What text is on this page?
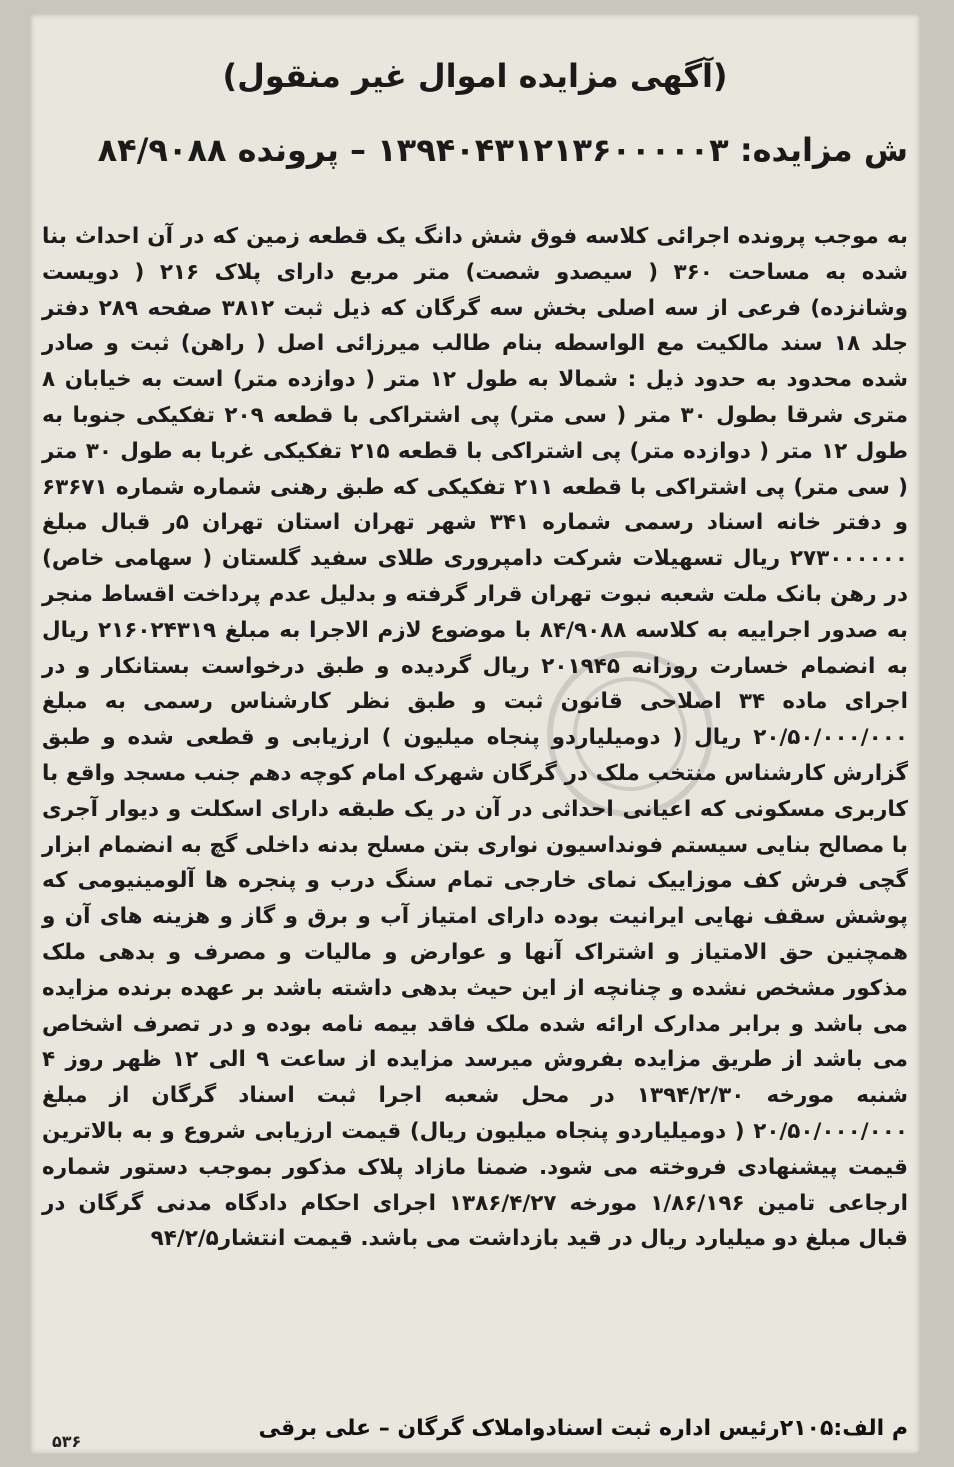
(آگهی مزایده اموال غیر منقول)
ش مزایده: ۱۳۹۴۰۴۳۱۲۱۳۶۰۰۰۰۰۳ – پرونده ۸۴/۹۰۸۸

به موجب پرونده اجرائی کلاسه فوق شش دانگ یک قطعه زمین که در آن احداث بنا شده به مساحت ۳۶۰ ( سیصدو شصت) متر مربع دارای پلاک ۲۱۶ ( دویست وشانزده) فرعی از سه اصلی بخش سه گرگان که ذیل ثبت ۳۸۱۲ صفحه ۲۸۹ دفتر جلد ۱۸ سند مالکیت مع الواسطه بنام طالب میرزائی اصل ( راهن) ثبت و صادر شده محدود به حدود ذیل : شمالا به طول ۱۲ متر ( دوازده متر) است به خیابان ۸ متری شرقا بطول ۳۰ متر ( سی متر) پی اشتراکی با قطعه ۲۰۹ تفکیکی جنوبا به طول ۱۲ متر ( دوازده متر) پی اشتراکی با قطعه ۲۱۵ تفکیکی غربا به طول ۳۰ متر ( سی متر) پی اشتراکی با قطعه ۲۱۱ تفکیکی که طبق رهنی شماره شماره ۶۳۶۷۱ و دفتر خانه اسناد رسمی شماره ۳۴۱ شهر تهران استان تهران ۵ر قبال مبلغ ۲۷۳۰۰۰۰۰۰ ریال تسهیلات شرکت دامپروری طلای سفید گلستان ( سهامی خاص) در رهن بانک ملت شعبه نبوت تهران قرار گرفته و بدلیل عدم پرداخت اقساط منجر به صدور اجراییه به کلاسه ۸۴/۹۰۸۸ با موضوع لازم الاجرا به مبلغ ۲۱۶۰۲۴۳۱۹ ریال به انضمام خسارت روزانه ۲۰۱۹۴۵ ریال گردیده و طبق درخواست بستانکار و در اجرای ماده ۳۴ اصلاحی قانون ثبت و طبق نظر کارشناس رسمی به مبلغ ۲۰/۵۰/۰۰۰/۰۰۰ ریال ( دومیلیاردو پنجاه میلیون ) ارزیابی و قطعی شده و طبق گزارش کارشناس منتخب ملک در گرگان شهرک امام کوچه دهم جنب مسجد واقع با کاربری مسکونی که اعیانی احداثی در آن در یک طبقه دارای اسکلت و دیوار آجری با مصالح بنایی سیستم فونداسیون نواری بتن مسلح بدنه داخلی گچ به انضمام ابزار گچی فرش کف موزاییک نمای خارجی تمام سنگ درب و پنجره ها آلومینیومی که پوشش سقف نهایی ایرانیت بوده دارای امتیاز آب و برق و گاز و هزینه های آن و همچنین حق الامتیاز و اشتراک آنها و عوارض و مالیات و مصرف و بدهی ملک مذکور مشخص نشده و چنانچه از این حیث بدهی داشته باشد بر عهده برنده مزایده می باشد و برابر مدارک ارائه شده ملک فاقد بیمه نامه بوده و در تصرف اشخاص می باشد از طریق مزایده بفروش میرسد مزایده از ساعت ۹ الی ۱۲ ظهر روز ۴ شنبه مورخه ۱۳۹۴/۲/۳۰ در محل شعبه اجرا ثبت اسناد گرگان از مبلغ ۲۰/۵۰/۰۰۰/۰۰۰ ( دومیلیاردو پنجاه میلیون ریال) قیمت ارزیابی شروع و به بالاترین قیمت پیشنهادی فروخته می شود. ضمنا مازاد پلاک مذکور بموجب دستور شماره ارجاعی تامین ۱/۸۶/۱۹۶ مورخه ۱۳۸۶/۴/۲۷ اجرای احکام دادگاه مدنی گرگان در قبال مبلغ دو میلیارد ریال در قید بازداشت می باشد. قیمت انتشار۹۴/۲/۵

م الف:۲۱۰۵رئیس اداره ثبت اسنادواملاک گرگان – علی برقی

۵۳۶
